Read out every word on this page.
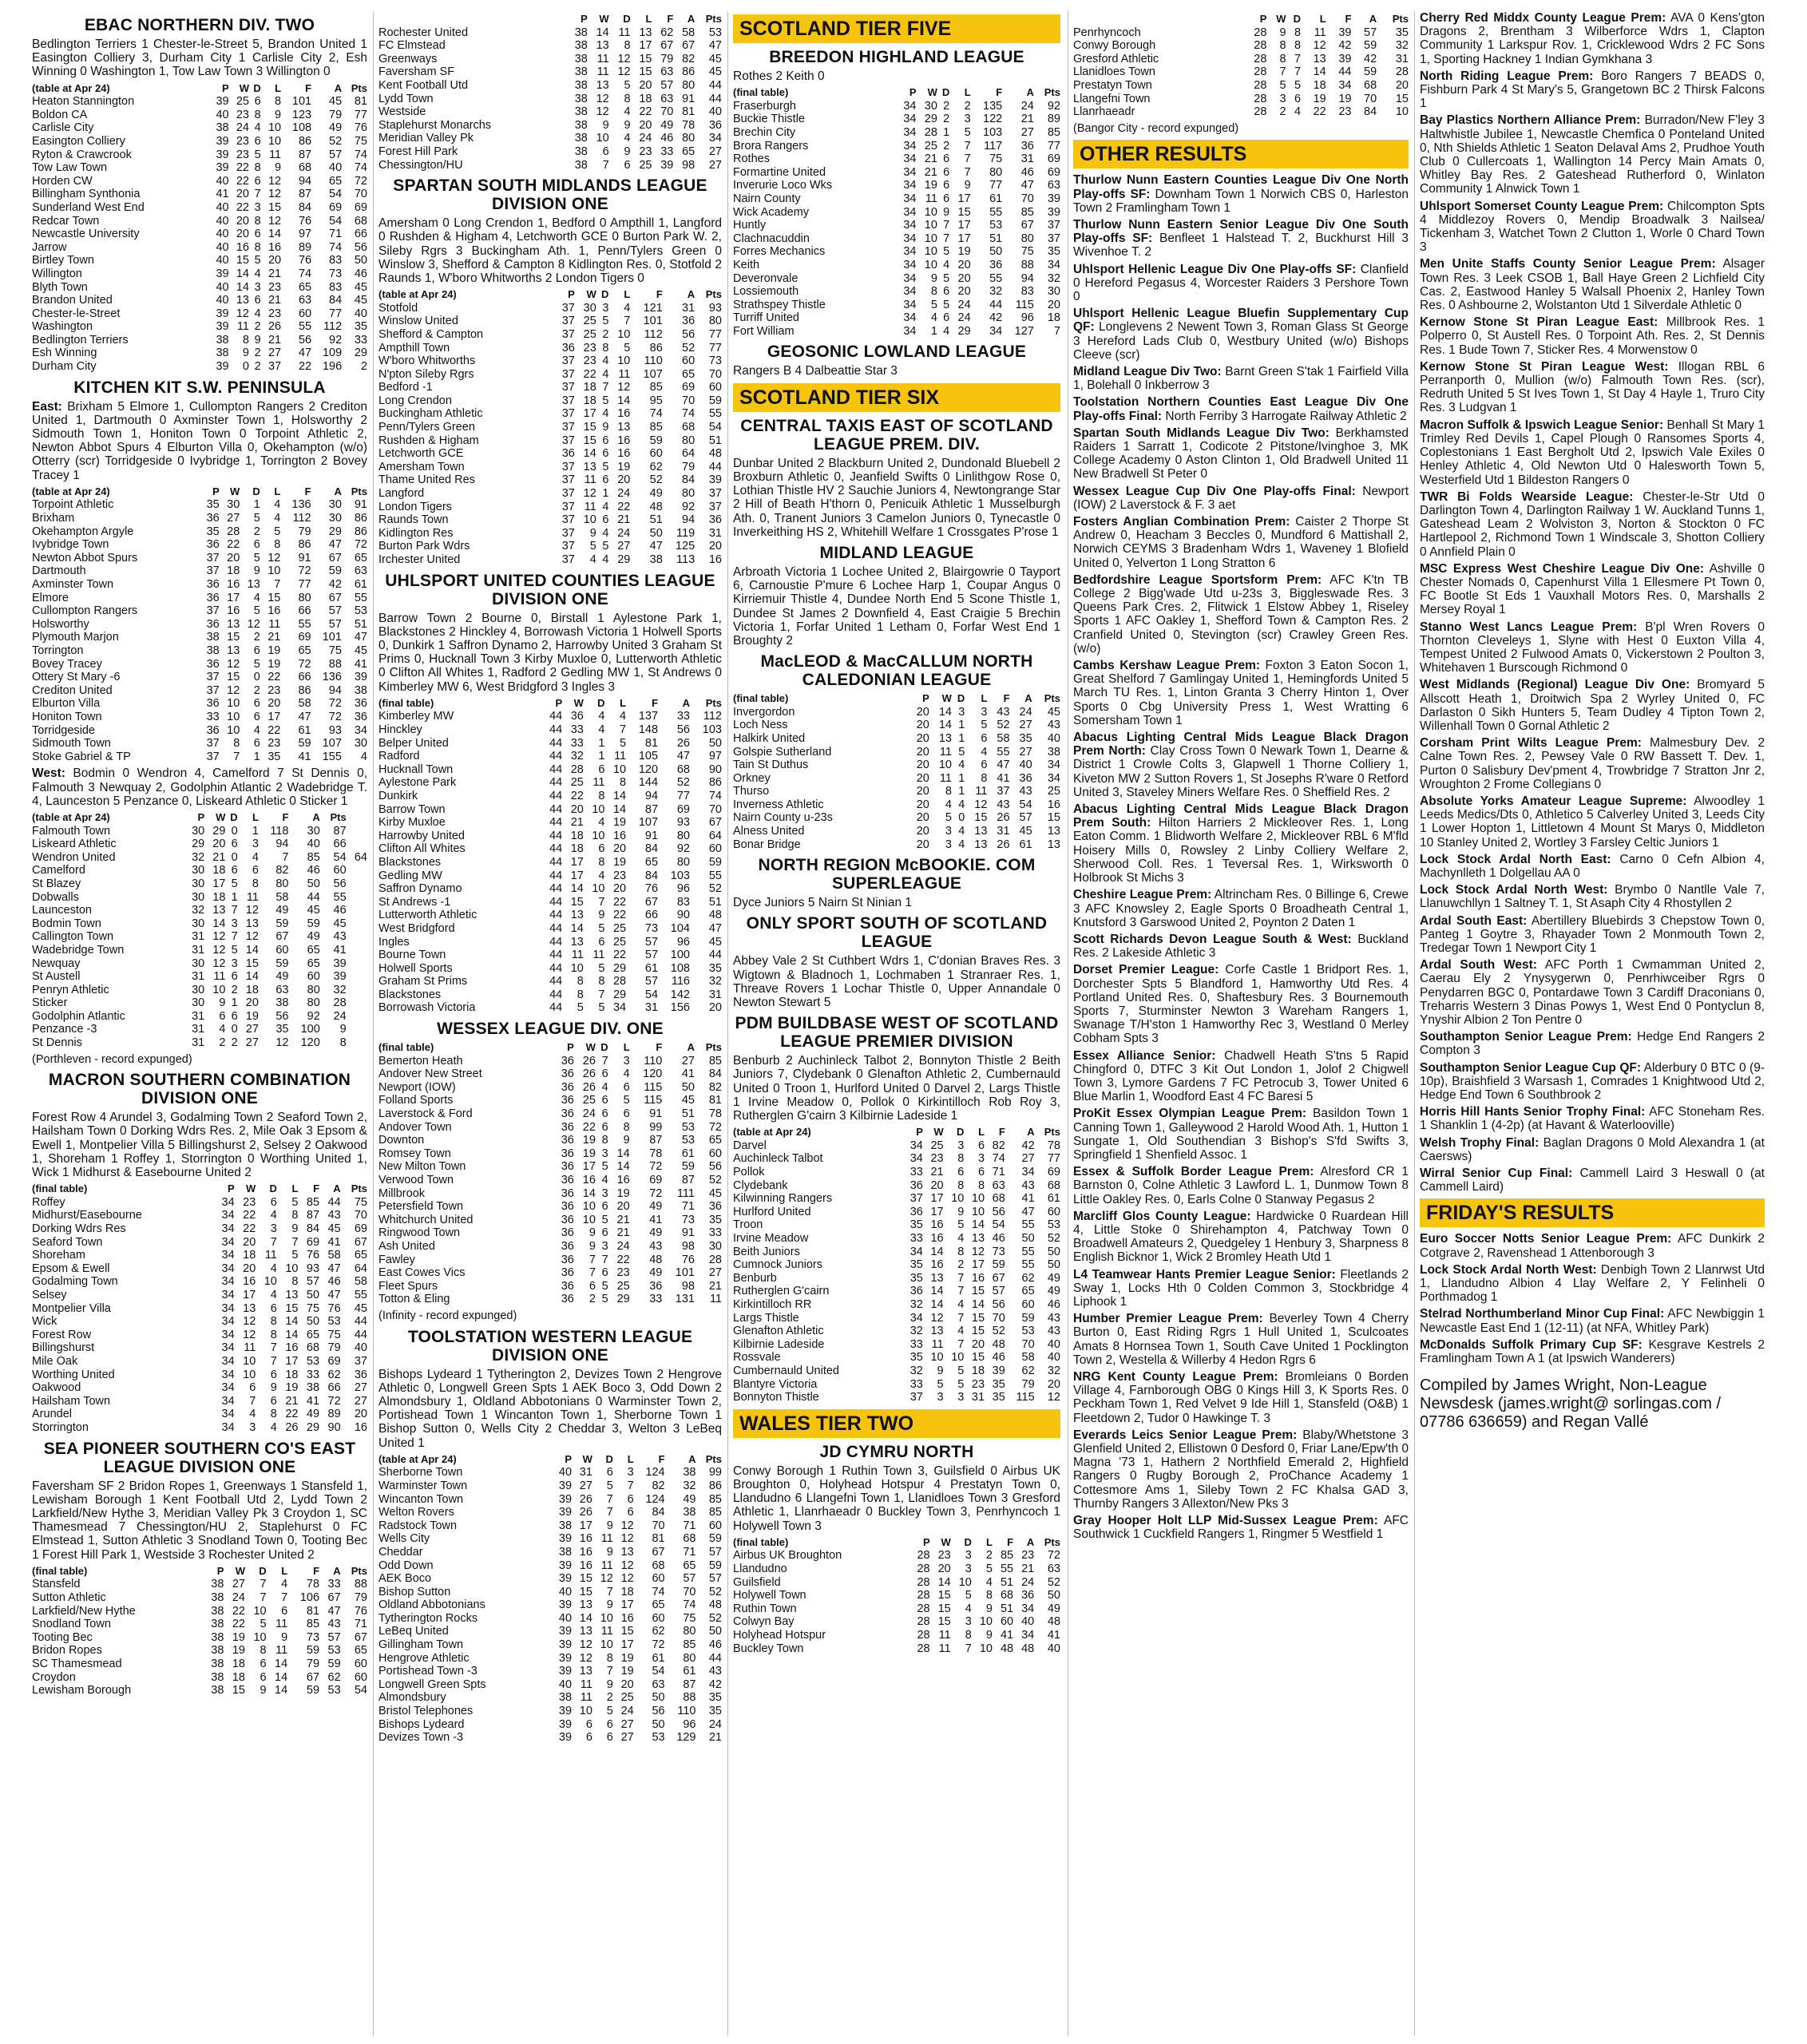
EBAC NORTHERN DIV. TWO
Bedlington Terriers 1 Chester-le-Street 5, Brandon United 1 Easington Colliery 3, Durham City 1 Carlisle City 2, Esh Winning 0 Washington 1, Tow Law Town 3 Willington 0
(table at Apr 24)	P	W	D	L	F	A	Pts
Heaton Stannington	39	25	6	8	101	45	81
Boldon CA	40	23	8	9	123	79	77
Carlisle City	38	24	4	10	108	49	76
Easington Colliery	39	23	6	10	86	52	75
Ryton & Crawcrook	39	23	5	11	87	57	74
Tow Law Town	39	22	8	9	68	40	74
Horden CW	40	22	6	12	94	65	72
Billingham Synthonia	41	20	7	12	87	54	70
Sunderland West End	40	22	3	15	84	69	69
Redcar Town	40	20	8	12	76	54	68
Newcastle University	40	20	6	14	97	71	66
Jarrow	40	16	8	16	89	74	56
Birtley Town	40	15	5	20	76	83	50
Willington	39	14	4	21	74	73	46
Blyth Town	40	14	3	23	65	83	45
Brandon United	40	13	6	21	63	84	45
Chester-le-Street	39	12	4	23	60	77	40
Washington	39	11	2	26	55	112	35
Bedlington Terriers	38	8	9	21	56	92	33
Esh Winning	38	9	2	27	47	109	29
Durham City	39	0	2	37	22	196	2
KITCHEN KIT S.W. PENINSULA
East: Brixham 5 Elmore 1, Cullompton Rangers 2 Crediton United 1, Dartmouth 0 Axminster Town 1, Holsworthy 2 Sidmouth Town 1, Honiton Town 0 Torpoint Athletic 2, Newton Abbot Spurs 4 Elburton Villa 0, Okehampton (w/o) Otterry (scr) Torridgeside 0 Ivybridge 1, Torrington 2 Bovey Tracey 1
(table at Apr 24)	P	W	D	L	F	A	Pts
Torpoint Athletic	35	30	1	4	136	30	91
Brixham	36	27	5	4	112	30	86
Okehampton Argyle	35	28	2	5	79	29	86
Ivybridge Town	36	22	6	8	86	47	72
Newton Abbot Spurs	37	20	5	12	91	67	65
Dartmouth	37	18	9	10	72	59	63
Axminster Town	36	16	13	7	77	42	61
Elmore	36	17	4	15	80	67	55
Cullompton Rangers	37	16	5	16	66	57	53
Holsworthy	36	13	12	11	55	57	51
Plymouth Marjon	38	15	2	21	69	101	47
Torrington	38	13	6	19	65	75	45
Bovey Tracey	36	12	5	19	72	88	41
Ottery St Mary -6	37	15	0	22	66	136	39
Crediton United	37	12	2	23	86	94	38
Elburton Villa	36	10	6	20	58	72	36
Honiton Town	33	10	6	17	47	72	36
Torridgeside	36	10	4	22	61	93	34
Sidmouth Town	37	8	6	23	59	107	30
Stoke Gabriel & TP	37	7	1	35	41	155	4
West: Bodmin 0 Wendron 4, Camelford 7 St Dennis 0, Falmouth 3 Newquay 2, Godolphin Atlantic 2 Wadebridge T. 4, Launceston 5 Penzance 0, Liskeard Athletic 0 Sticker 1
(table at Apr 24)	P	W	D	L	F	A	Pts	
Falmouth Town	30	29	0	1	118	30	87	
Liskeard Athletic	29	20	6	3	94	40	66	
Wendron United	32	21	0	4	7	85	54	64
Camelford	30	18	6	6	82	46	60	
St Blazey	30	17	5	8	80	50	56	
Dobwalls	30	18	1	11	58	44	55	
Launceston	32	13	7	12	49	45	46	
Bodmin Town	30	14	3	13	59	59	45	
Callington Town	31	12	7	12	67	49	43	
Wadebridge Town	31	12	5	14	60	65	41	
Newquay	30	12	3	15	59	65	39	
St Austell	31	11	6	14	49	60	39	
Penryn Athletic	30	10	2	18	63	80	32	
Sticker	30	9	1	20	38	80	28	
Godolphin Atlantic	31	6	6	19	56	92	24	
Penzance -3	31	4	0	27	35	100	9	
St Dennis	31	2	2	27	12	120	8	
(Porthleven - record expunged)
MACRON SOUTHERN COMBINATION DIVISION ONE
Forest Row 4 Arundel 3, Godalming Town 2 Seaford Town 2, Hailsham Town 0 Dorking Wdrs Res. 2, Mile Oak 3 Epsom & Ewell 1, Montpelier Villa 5 Billingshurst 2, Selsey 2 Oakwood 1, Shoreham 1 Roffey 1, Storrington 0 Worthing United 1, Wick 1 Midhurst & Easebourne United 2
(final table)	P	W	D	L	F	A	Pts
Roffey	34	23	6	5	85	44	75
Midhurst/Easebourne	34	22	4	8	87	43	70
Dorking Wdrs Res	34	22	3	9	84	45	69
Seaford Town	34	20	7	7	69	41	67
Shoreham	34	18	11	5	76	58	65
Epsom & Ewell	34	20	4	10	93	47	64
Godalming Town	34	16	10	8	57	46	58
Selsey	34	17	4	13	50	47	55
Montpelier Villa	34	13	6	15	75	76	45
Wick	34	12	8	14	50	53	44
Forest Row	34	12	8	14	65	75	44
Billingshurst	34	11	7	16	68	79	40
Mile Oak	34	10	7	17	53	69	37
Worthing United	34	10	6	18	33	62	36
Oakwood	34	6	9	19	38	66	27
Hailsham Town	34	7	6	21	41	72	27
Arundel	34	4	8	22	49	89	20
Storrington	34	3	4	26	29	90	16
SEA PIONEER SOUTHERN CO'S EAST LEAGUE DIVISION ONE
Faversham SF 2 Bridon Ropes 1, Greenways 1 Stansfeld 1, Lewisham Borough 1 Kent Football Utd 2, Lydd Town 2 Larkfield/New Hythe 3, Meridian Valley Pk 3 Croydon 1, SC Thamesmead 7 Chessington/HU 2, Staplehurst 0 FC Elmstead 1, Sutton Athletic 3 Snodland Town 0, Tooting Bec 1 Forest Hill Park 1, Westside 3 Rochester United 2
(final table)	P	W	D	L	F	A	Pts
Stansfeld	38	27	7	4	78	33	88
Sutton Athletic	38	24	7	7	106	67	79
Larkfield/New Hythe	38	22	10	6	81	47	76
Snodland Town	38	22	5	11	85	43	71
Tooting Bec	38	19	10	9	73	57	67
Bridon Ropes	38	19	8	11	59	53	65
SC Thamesmead	38	18	6	14	79	59	60
Croydon	38	18	6	14	67	62	60
Lewisham Borough	38	15	9	14	59	53	54
	P	W	D	L	F	A	Pts
Rochester United	38	14	11	13	62	58	53
FC Elmstead	38	13	8	17	67	67	47
Greenways	38	11	12	15	79	82	45
Faversham SF	38	11	12	15	63	86	45
Kent Football Utd	38	13	5	20	57	80	44
Lydd Town	38	12	8	18	63	91	44
Westside	38	12	4	22	70	81	40
Staplehurst Monarchs	38	9	9	20	49	78	36
Meridian Valley Pk	38	10	4	24	46	80	34
Forest Hill Park	38	6	9	23	33	65	27
Chessington/HU	38	7	6	25	39	98	27
SPARTAN SOUTH MIDLANDS LEAGUE DIVISION ONE
Amersham 0 Long Crendon 1, Bedford 0 Ampthill 1, Langford 0 Rushden & Higham 4, Letchworth GCE 0 Burton Park W. 2, Sileby Rgrs 3 Buckingham Ath. 1, Penn/Tylers Green 0 Winslow 3, Shefford & Campton 8 Kidlington Res. 0, Stotfold 2 Raunds 1, W'boro Whitworths 2 London Tigers 0
(table at Apr 24)	P	W	D	L	F	A	Pts
Stotfold	37	30	3	4	121	31	93
Winslow United	37	25	5	7	101	36	80
Shefford & Campton	37	25	2	10	112	56	77
Ampthill Town	36	23	8	5	86	52	77
W'boro Whitworths	37	23	4	10	110	60	73
N'pton Sileby Rgrs	37	22	4	11	107	65	70
Bedford -1	37	18	7	12	85	69	60
Long Crendon	37	18	5	14	95	70	59
Buckingham Athletic	37	17	4	16	74	74	55
Penn/Tylers Green	37	15	9	13	85	68	54
Rushden & Higham	37	15	6	16	59	80	51
Letchworth GCE	36	14	6	16	60	64	48
Amersham Town	37	13	5	19	62	79	44
Thame United Res	37	11	6	20	52	84	39
Langford	37	12	1	24	49	80	37
London Tigers	37	11	4	22	48	92	37
Raunds Town	37	10	6	21	51	94	36
Kidlington Res	37	9	4	24	50	119	31
Burton Park Wdrs	37	5	5	27	47	125	20
Irchester United	37	4	4	29	38	113	16
UHLSPORT UNITED COUNTIES LEAGUE DIVISION ONE
Barrow Town 2 Bourne 0, Birstall 1 Aylestone Park 1, Blackstones 2 Hinckley 4, Borrowash Victoria 1 Holwell Sports 0, Dunkirk 1 Saffron Dynamo 2, Harrowby United 3 Graham St Prims 0, Hucknall Town 3 Kirby Muxloe 0, Lutterworth Athletic 0 Clifton All Whites 1, Radford 2 Gedling MW 1, St Andrews 0 Kimberley MW 6, West Bridgford 3 Ingles 3
(final table)	P	W	D	L	F	A	Pts
Kimberley MW	44	36	4	4	137	33	112
Hinckley	44	33	4	7	148	56	103
Belper United	44	33	1	5	81	26	50
Radford	44	32	1	11	105	47	97
Hucknall Town	44	28	6	10	120	68	90
Aylestone Park	44	25	11	8	144	52	86
Dunkirk	44	22	8	14	94	77	74
Barrow Town	44	20	10	14	87	69	70
Kirby Muxloe	44	21	4	19	107	93	67
Harrowby United	44	18	10	16	91	80	64
Clifton All Whites	44	18	6	20	84	92	60
Blackstones	44	17	8	19	65	80	59
Gedling MW	44	17	4	23	84	103	55
Saffron Dynamo	44	14	10	20	76	96	52
St Andrews -1	44	15	7	22	67	83	51
Lutterworth Athletic	44	13	9	22	66	90	48
West Bridgford	44	14	5	25	73	104	47
Ingles	44	13	6	25	57	96	45
Bourne Town	44	11	11	22	57	100	44
Holwell Sports	44	10	5	29	61	108	35
Graham St Prims	44	8	8	28	57	116	32
Blackstones	44	8	7	29	54	142	31
Borrowash Victoria	44	5	5	34	31	156	20
WESSEX LEAGUE DIV. ONE
(final table)	P	W	D	L	F	A	Pts
Bemerton Heath	36	26	7	3	110	27	85
Andover New Street	36	26	6	4	120	41	84
Newport (IOW)	36	26	4	6	115	50	82
Folland Sports	36	25	6	5	115	45	81
Laverstock & Ford	36	24	6	6	91	51	78
Andover Town	36	22	6	8	99	53	72
Downton	36	19	8	9	87	53	65
Romsey Town	36	19	3	14	78	61	60
New Milton Town	36	17	5	14	72	59	56
Verwood Town	36	16	4	16	69	87	52
Millbrook	36	14	3	19	72	111	45
Petersfield Town	36	10	6	20	49	71	36
Whitchurch United	36	10	5	21	41	73	35
Ringwood Town	36	9	6	21	49	91	33
Ash United	36	9	3	24	43	98	30
Fawley	36	7	7	22	48	76	28
East Cowes Vics	36	7	6	23	49	101	27
Fleet Spurs	36	6	5	25	36	98	21
Totton & Eling	36	2	5	29	33	131	11
(Infinity - record expunged)
TOOLSTATION WESTERN LEAGUE DIVISION ONE
Bishops Lydeard 1 Tytherington 2, Devizes Town 2 Hengrove Athletic 0, Longwell Green Spts 1 AEK Boco 3, Odd Down 2 Almondsbury 1, Oldland Abbotonians 0 Warminster Town 2, Portishead Town 1 Wincanton Town 1, Sherborne Town 1 Bishop Sutton 0, Wells City 2 Cheddar 3, Welton 3 LeBeq United 1
(table at Apr 24)	P	W	D	L	F	A	Pts
Sherborne Town	40	31	6	3	124	38	99
Warminster Town	39	27	5	7	82	32	86
Wincanton Town	39	26	7	6	124	49	85
Welton Rovers	39	26	7	6	84	38	85
Radstock Town	38	17	9	12	70	71	60
Wells City	39	16	11	12	81	68	59
Cheddar	38	16	9	13	67	71	57
Odd Down	39	16	11	12	68	65	59
AEK Boco	39	15	12	12	60	57	57
Bishop Sutton	40	15	7	18	74	70	52
Oldland Abbotonians	39	13	9	17	65	74	48
Tytherington Rocks	40	14	10	16	60	75	52
LeBeq United	39	13	11	15	62	80	50
Gillingham Town	39	12	10	17	72	85	46
Hengrove Athletic	39	12	8	19	61	80	44
Portishead Town -3	39	13	7	19	54	61	43
Longwell Green Spts	40	11	9	20	63	87	42
Almondsbury	38	11	2	25	50	88	35
Bristol Telephones	39	10	5	24	56	110	35
Bishops Lydeard	39	6	6	27	50	96	24
Devizes Town -3	39	6	6	27	53	129	21
SCOTLAND TIER FIVE
BREEDON HIGHLAND LEAGUE
Rothes 2 Keith 0
(final table)	P	W	D	L	F	A	Pts
Fraserburgh	34	30	2	2	135	24	92
Buckie Thistle	34	29	2	3	122	21	89
Brechin City	34	28	1	5	103	27	85
Brora Rangers	34	25	2	7	117	36	77
Rothes	34	21	6	7	75	31	69
Formartine United	34	21	6	7	80	46	69
Inverurie Loco Wks	34	19	6	9	77	47	63
Nairn County	34	11	6	17	61	70	39
Wick Academy	34	10	9	15	55	85	39
Huntly	34	10	7	17	53	67	37
Clachnacuddin	34	10	7	17	51	80	37
Forres Mechanics	34	10	5	19	50	75	35
Keith	34	10	4	20	36	88	34
Deveronvale	34	9	5	20	55	94	32
Lossiemouth	34	8	6	20	32	83	30
Strathspey Thistle	34	5	5	24	44	115	20
Turriff United	34	4	6	24	42	96	18
Fort William	34	1	4	29	34	127	7
GEOSONIC LOWLAND LEAGUE
Rangers B 4 Dalbeattie Star 3
SCOTLAND TIER SIX
CENTRAL TAXIS EAST OF SCOTLAND LEAGUE PREM. DIV.
Dunbar United 2 Blackburn United 2, Dundonald Bluebell 2 Broxburn Athletic 0, Jeanfield Swifts 0 Linlithgow Rose 0, Lothian Thistle HV 2 Sauchie Juniors 4, Newtongrange Star 2 Hill of Beath H'thorn 0, Penicuik Athletic 1 Musselburgh Ath. 0, Tranent Juniors 3 Camelon Juniors 0, Tynecastle 0 Inverkeithing HS 2, Whitehill Welfare 1 Crossgates P'rose 1
MIDLAND LEAGUE
Arbroath Victoria 1 Lochee United 2, Blairgowrie 0 Tayport 6, Carnoustie P'mure 6 Lochee Harp 1, Coupar Angus 0 Kirriemuir Thistle 4, Dundee North End 5 Scone Thistle 1, Dundee St James 2 Downfield 4, East Craigie 5 Brechin Victoria 1, Forfar United 1 Letham 0, Forfar West End 1 Broughty 2
MacLEOD & MacCALLUM NORTH CALEDONIAN LEAGUE
(final table)	P	W	D	L	F	A	Pts
Invergordon	20	14	3	3	43	24	45
Loch Ness	20	14	1	5	52	27	43
Halkirk United	20	13	1	6	58	35	40
Golspie Sutherland	20	11	5	4	55	27	38
Tain St Duthus	20	10	4	6	47	40	34
Orkney	20	11	1	8	41	36	34
Thurso	20	8	1	11	37	43	25
Inverness Athletic	20	4	4	12	43	54	16
Nairn County u-23s	20	5	0	15	26	57	15
Alness United	20	3	4	13	31	45	13
Bonar Bridge	20	3	4	13	26	61	13
NORTH REGION McBOOKIE. COM SUPERLEAGUE
Dyce Juniors 5 Nairn St Ninian 1
ONLY SPORT SOUTH OF SCOTLAND LEAGUE
Abbey Vale 2 St Cuthbert Wdrs 1, C'donian Braves Res. 3 Wigtown & Bladnoch 1, Lochmaben 1 Stranraer Res. 1, Threave Rovers 1 Lochar Thistle 0, Upper Annandale 0 Newton Stewart 5
PDM BUILDBASE WEST OF SCOTLAND LEAGUE PREMIER DIVISION
Benburb 2 Auchinleck Talbot 2, Bonnyton Thistle 2 Beith Juniors 7, Clydebank 0 Glenafton Athletic 2, Cumbernauld United 0 Troon 1, Hurlford United 0 Darvel 2, Largs Thistle 1 Irvine Meadow 0, Pollok 0 Kirkintilloch Rob Roy 3, Rutherglen G'cairn 3 Kilbirnie Ladeside 1
(table at Apr 24)	P	W	D	L	F	A	Pts
Darvel	34	25	3	6	82	42	78
Auchinleck Talbot	34	23	8	3	74	27	77
Pollok	33	21	6	6	71	34	69
Clydebank	36	20	8	8	63	43	68
Kilwinning Rangers	37	17	10	10	68	41	61
Hurlford United	36	17	9	10	56	47	60
Troon	35	16	5	14	54	55	53
Irvine Meadow	33	16	4	13	46	50	52
Beith Juniors	34	14	8	12	73	55	50
Cumnock Juniors	35	16	2	17	59	55	50
Benburb	35	13	7	16	67	62	49
Rutherglen G'cairn	36	14	7	15	57	65	49
Kirkintilloch RR	32	14	4	14	56	60	46
Largs Thistle	34	12	7	15	70	59	43
Glenafton Athletic	32	13	4	15	52	53	43
Kilbirnie Ladeside	33	11	7	20	48	70	40
Rossvale	35	10	10	15	46	58	40
Cumbernauld United	32	9	5	18	39	62	32
Blantyre Victoria	33	5	5	23	35	79	20
Bonnyton Thistle	37	3	3	31	35	115	12
WALES TIER TWO
JD CYMRU NORTH
Conwy Borough 1 Ruthin Town 3, Guilsfield 0 Airbus UK Broughton 0, Holyhead Hotspur 4 Prestatyn Town 0, Llandudno 6 Llangefni Town 1, Llanidloes Town 3 Gresford Athletic 1, Llanrhaeadr 0 Buckley Town 3, Penrhyncoch 1 Holywell Town 3
(final table)	P	W	D	L	F	A	Pts
Airbus UK Broughton	28	23	3	2	85	23	72
Llandudno	28	20	3	5	55	21	63
Guilsfield	28	14	10	4	51	24	52
Holywell Town	28	15	5	8	68	36	50
Ruthin Town	28	15	4	9	51	34	49
Colwyn Bay	28	15	3	10	60	40	48
Holyhead Hotspur	28	11	8	9	41	34	41
Buckley Town	28	11	7	10	48	48	40
	P	W	D	L	F	A	Pts
Penrhyncoch	28	9	8	11	39	57	35
Conwy Borough	28	8	8	12	42	59	32
Gresford Athletic	28	8	7	13	39	42	31
Llanidloes Town	28	7	7	14	44	59	28
Prestatyn Town	28	5	5	18	34	68	20
Llangefni Town	28	3	6	19	19	70	15
Llanrhaeadr	28	2	4	22	23	84	10
(Bangor City - record expunged)
OTHER RESULTS
Thurlow Nunn Eastern Counties League Div One North Play-offs SF: Downham Town 1 Norwich CBS 0, Harleston Town 2 Framlingham Town 1
Thurlow Nunn Eastern Senior League Div One South Play-offs SF: Benfleet 1 Halstead T. 2, Buckhurst Hill 3 Wivenhoe T. 2
Uhlsport Hellenic League Div One Play-offs SF: Clanfield 0 Hereford Pegasus 4, Worcester Raiders 3 Pershore Town 0
Uhlsport Hellenic League Bluefin Supplementary Cup QF: Longlevens 2 Newent Town 3, Roman Glass St George 3 Hereford Lads Club 0, Westbury United (w/o) Bishops Cleeve (scr)
Midland League Div Two: Barnt Green S'tak 1 Fairfield Villa 1, Bolehall 0 Inkberrow 3
Toolstation Northern Counties East League Div One Play-offs Final: North Ferriby 3 Harrogate Railway Athletic 2
Spartan South Midlands League Div Two: Berkhamsted Raiders 1 Sarratt 1, Codicote 2 Pitstone/Ivinghoe 3, MK College Academy 0 Aston Clinton 1, Old Bradwell United 11 New Bradwell St Peter 0
Wessex League Cup Div One Play-offs Final: Newport (IOW) 2 Laverstock & F. 3 aet
Fosters Anglian Combination Prem: Caister 2 Thorpe St Andrew 0, Heacham 3 Beccles 0, Mundford 6 Mattishall 2, Norwich CEYMS 3 Bradenham Wdrs 1, Waveney 1 Blofield United 0, Yelverton 1 Long Stratton 6
Bedfordshire League Sportsform Prem: AFC K'tn TB College 2 Bigg'wade Utd u-23s 3, Biggleswade Res. 3 Queens Park Cres. 2, Flitwick 1 Elstow Abbey 1, Riseley Sports 1 AFC Oakley 1, Shefford Town & Campton Res. 2 Cranfield United 0, Stevington (scr) Crawley Green Res. (w/o)
Cambs Kershaw League Prem: Foxton 3 Eaton Socon 1, Great Shelford 7 Gamlingay United 1, Hemingfords United 5 March TU Res. 1, Linton Granta 3 Cherry Hinton 1, Over Sports 0 Cbg University Press 1, West Wratting 6 Somersham Town 1
Abacus Lighting Central Mids League Black Dragon Prem North: Clay Cross Town 0 Newark Town 1, Dearne & District 1 Crowle Colts 3, Glapwell 1 Thorne Colliery 1, Kiveton MW 2 Sutton Rovers 1, St Josephs R'ware 0 Retford United 3, Staveley Miners Welfare Res. 0 Sheffield Res. 2
Abacus Lighting Central Mids League Black Dragon Prem South: Hilton Harriers 2 Mickleover Res. 1, Long Eaton Comm. 1 Blidworth Welfare 2, Mickleover RBL 6 M'fld Hoisery Mills 0, Rowsley 2 Linby Colliery Welfare 2, Sherwood Coll. Res. 1 Teversal Res. 1, Wirksworth 0 Holbrook St Michs 3
Cheshire League Prem: Altrincham Res. 0 Billinge 6, Crewe 3 AFC Knowsley 2, Eagle Sports 0 Broadheath Central 1, Knutsford 3 Garswood United 2, Poynton 2 Daten 1
Scott Richards Devon League South & West: Buckland Res. 2 Lakeside Athletic 3
Dorset Premier League: Corfe Castle 1 Bridport Res. 1, Dorchester Spts 5 Blandford 1, Hamworthy Utd Res. 4 Portland United Res. 0, Shaftesbury Res. 3 Bournemouth Sports 7, Sturminster Newton 3 Wareham Rangers 1, Swanage T/H'ston 1 Hamworthy Rec 3, Westland 0 Merley Cobham Spts 3
Essex Alliance Senior: Chadwell Heath S'tns 5 Rapid Chingford 0, DTFC 3 Kit Out London 1, Jolof 2 Chigwell Town 3, Lymore Gardens 7 FC Petrocub 3, Tower United 6 Blue Marlin 1, Woodford East 4 FC Baresi 5
ProKit Essex Olympian League Prem: Basildon Town 1 Canning Town 1, Galleywood 2 Harold Wood Ath. 1, Hutton 1 Sungate 1, Old Southendian 3 Bishop's S'fd Swifts 3, Springfield 1 Shenfield Assoc. 1
Essex & Suffolk Border League Prem: Alresford CR 1 Barnston 0, Colne Athletic 3 Lawford L. 1, Dunmow Town 8 Little Oakley Res. 0, Earls Colne 0 Stanway Pegasus 2
Marcliff Glos County League: Hardwicke 0 Ruardean Hill 4, Little Stoke 0 Shirehampton 4, Patchway Town 0 Broadwell Amateurs 2, Quedgeley 1 Henbury 3, Sharpness 8 English Bicknor 1, Wick 2 Bromley Heath Utd 1
L4 Teamwear Hants Premier League Senior: Fleetlands 2 Sway 1, Locks Hth 0 Colden Common 3, Stockbridge 4 Liphook 1
Humber Premier League Prem: Beverley Town 4 Cherry Burton 0, East Riding Rgrs 1 Hull United 1, Sculcoates Amats 8 Hornsea Town 1, South Cave United 1 Pocklington Town 2, Westella & Willerby 4 Hedon Rgrs 6
NRG Kent County League Prem: Bromleians 0 Borden Village 4, Farnborough OBG 0 Kings Hill 3, K Sports Res. 0 Peckham Town 1, Red Velvet 9 Ide Hill 1, Stansfeld (O&B) 1 Fleetdown 2, Tudor 0 Hawkinge T. 3
Everards Leics Senior League Prem: Blaby/Whetstone 3 Glenfield United 2, Ellistown 0 Desford 0, Friar Lane/Epw'th 0 Magna '73 1, Hathern 2 Northfield Emerald 2, Highfield Rangers 0 Rugby Borough 2, ProChance Academy 1 Cottesmore Ams 1, Sileby Town 2 FC Khalsa GAD 3, Thurnby Rangers 3 Allexton/New Pks 3
Gray Hooper Holt LLP Mid-Sussex League Prem: AFC Southwick 1 Cuckfield Rangers 1, Ringmer 5 Westfield 1
Cherry Red Middx County League Prem: AVA 0 Kens'gton Dragons 2, Brentham 3 Wilberforce Wdrs 1, Clapton Community 1 Larkspur Rov. 1, Cricklewood Wdrs 2 FC Sons 1, Sporting Hackney 1 Indian Gymkhana 3
North Riding League Prem: Boro Rangers 7 BEADS 0, Fishburn Park 4 St Mary's 5, Grangetown BC 2 Thirsk Falcons 1
Bay Plastics Northern Alliance Prem: Burradon/New F'ley 3 Haltwhistle Jubilee 1, Newcastle Chemfica 0 Ponteland United 0, Nth Shields Athletic 1 Seaton Delaval Ams 2, Prudhoe Youth Club 0 Cullercoats 1, Wallington 14 Percy Main Amats 0, Whitley Bay Res. 2 Gateshead Rutherford 0, Winlaton Community 1 Alnwick Town 1
Uhlsport Somerset County League Prem: Chilcompton Spts 4 Middlezoy Rovers 0, Mendip Broadwalk 3 Nailsea/ Tickenham 3, Watchet Town 2 Clutton 1, Worle 0 Chard Town 3
Men Unite Staffs County Senior League Prem: Alsager Town Res. 3 Leek CSOB 1, Ball Haye Green 2 Lichfield City Cas. 2, Eastwood Hanley 5 Walsall Phoenix 2, Hanley Town Res. 0 Ashbourne 2, Wolstanton Utd 1 Silverdale Athletic 0
Kernow Stone St Piran League East: Millbrook Res. 1 Polperro 0, St Austell Res. 0 Torpoint Ath. Res. 2, St Dennis Res. 1 Bude Town 7, Sticker Res. 4 Morwenstow 0
Kernow Stone St Piran League West: Illogan RBL 6 Perranporth 0, Mullion (w/o) Falmouth Town Res. (scr), Redruth United 5 St Ives Town 1, St Day 4 Hayle 1, Truro City Res. 3 Ludgvan 1
Macron Suffolk & Ipswich League Senior: Benhall St Mary 1 Trimley Red Devils 1, Capel Plough 0 Ransomes Sports 4, Coplestonians 1 East Bergholt Utd 2, Ipswich Vale Exiles 0 Henley Athletic 4, Old Newton Utd 0 Halesworth Town 5, Westerfield Utd 1 Bildeston Rangers 0
TWR Bi Folds Wearside League: Chester-le-Str Utd 0 Darlington Town 4, Darlington Railway 1 W. Auckland Tunns 1, Gateshead Leam 2 Wolviston 3, Norton & Stockton 0 FC Hartlepool 2, Richmond Town 1 Windscale 3, Shotton Colliery 0 Annfield Plain 0
MSC Express West Cheshire League Div One: Ashville 0 Chester Nomads 0, Capenhurst Villa 1 Ellesmere Pt Town 0, FC Bootle St Eds 1 Vauxhall Motors Res. 0, Marshalls 2 Mersey Royal 1
Stanno West Lancs League Prem: B'pl Wren Rovers 0 Thornton Cleveleys 1, Slyne with Hest 0 Euxton Villa 4, Tempest United 2 Fulwood Amats 0, Vickerstown 2 Poulton 3, Whitehaven 1 Burscough Richmond 0
West Midlands (Regional) League Div One: Bromyard 5 Allscott Heath 1, Droitwich Spa 2 Wyrley United 0, FC Darlaston 0 Sikh Hunters 5, Team Dudley 4 Tipton Town 2, Willenhall Town 0 Gornal Athletic 2
Corsham Print Wilts League Prem: Malmesbury Dev. 2 Calne Town Res. 2, Pewsey Vale 0 RW Bassett T. Dev. 1, Purton 0 Salisbury Dev'pment 4, Trowbridge 7 Stratton Jnr 2, Wroughton 2 Frome Collegians 0
Absolute Yorks Amateur League Supreme: Alwoodley 1 Leeds Medics/Dts 0, Athletico 5 Calverley United 3, Leeds City 1 Lower Hopton 1, Littletown 4 Mount St Marys 0, Middleton 10 Stanley United 2, Wortley 3 Farsley Celtic Juniors 1
Lock Stock Ardal North East: Carno 0 Cefn Albion 4, Machynlleth 1 Dolgellau AA 0
Lock Stock Ardal North West: Brymbo 0 Nantlle Vale 7, Llanuwchllyn 1 Saltney T. 1, St Asaph City 4 Rhostyllen 2
Ardal South East: Abertillery Bluebirds 3 Chepstow Town 0, Panteg 1 Goytre 3, Rhayader Town 2 Monmouth Town 2, Tredegar Town 1 Newport City 1
Ardal South West: AFC Porth 1 Cwmamman United 2, Caerau Ely 2 Ynysygerwn 0, Penrhiwceiber Rgrs 0 Penydarren BGC 0, Pontardawe Town 3 Cardiff Draconians 0, Treharris Western 3 Dinas Powys 1, West End 0 Pontyclun 8, Ynyshir Albion 2 Ton Pentre 0
Southampton Senior League Prem: Hedge End Rangers 2 Compton 3
Southampton Senior League Cup QF: Alderbury 0 BTC 0 (9-10p), Braishfield 3 Warsash 1, Comrades 1 Knightwood Utd 2, Hedge End Town 6 Southbrook 2
Horris Hill Hants Senior Trophy Final: AFC Stoneham Res. 1 Shanklin 1 (4-2p) (at Havant & Waterlooville)
Welsh Trophy Final: Baglan Dragons 0 Mold Alexandra 1 (at Caersws)
Wirral Senior Cup Final: Cammell Laird 3 Heswall 0 (at Cammell Laird)
FRIDAY'S RESULTS
Euro Soccer Notts Senior League Prem: AFC Dunkirk 2 Cotgrave 2, Ravenshead 1 Attenborough 3
Lock Stock Ardal North West: Denbigh Town 2 Llanrwst Utd 1, Llandudno Albion 4 Llay Welfare 2, Y Felinheli 0 Porthmadog 1
Stelrad Northumberland Minor Cup Final: AFC Newbiggin 1 Newcastle East End 1 (12-11) (at NFA, Whitley Park)
McDonalds Suffolk Primary Cup SF: Kesgrave Kestrels 2 Framlingham Town A 1 (at Ipswich Wanderers)
Compiled by James Wright, Non-League Newsdesk (james.wright@ sorlingas.com / 07786 636659) and Regan Vallé
